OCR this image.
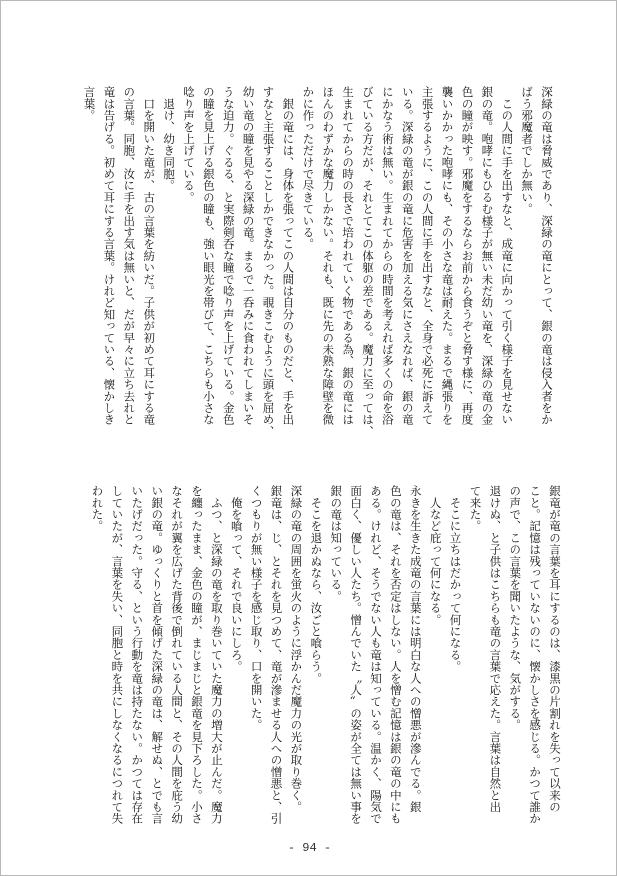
深緑の竜は脅威であり、深緑の竜にとって、銀の竜は侵入者をか
ばう邪魔者でしか無い。
　この人間に手を出すなと、成竜に向かって引く様子を見せない
銀の竜。咆哮にもひるむ様子が無い未だ幼い竜を、深緑の竜の金
色の瞳が映す。邪魔をするならお前から食うぞと脅す様に、再度
襲いかかった咆哮にも、その小さな竜は耐えた。まるで縄張りを
主張するように、この人間に手を出すなと、全身で必死に訴えて
いる。深緑の竜が銀の竜に危害を加える気にさえなれば、銀の竜
にかなう術は無い。生まれてからの時間を考えれば多くの命を浴
びている方だが、それとてこの体躯の差である。魔力に至っては、
生まれてからの時の長さで培われていく物である為、銀の竜には
ほんのわずかな魔力しかない。それも、既に先の未熟な障壁を微
かに作っただけで尽きている。
　銀の竜には、身体を張ってこの人間は自分のものだと、手を出
すなと主張することしかできなかった。覗きこむように頭を屈め、
幼い竜の瞳を見やる深緑の竜。まるで一呑みに食われてしまいそ
うな迫力。ぐるる、と実際剣呑な瞳で唸り声を上げている。金色
の瞳を見上げる銀色の瞳も、強い眼光を帯びて、こちらも小さな
唸り声を上げている。
　退け、幼き同胞。
　口を開いた竜が、古の言葉を紡いだ。子供が初めて耳にする竜
の言葉。同胞、汝に手を出す気は無いと、だが早々に立ち去れと
竜は告げる。初めて耳にする言葉。けれど知っている、懐かしき
言葉。
銀竜が竜の言葉を耳にするのは、漆黒の片割れを失って以来の
こと。記憶は残っていないのに、懐かしさを感じる。かつて誰か
の声で、この言葉を聞いたような、気がする。
退けぬ、と子供はこちらも竜の言葉で応えた。言葉は自然と出
て来た。
　そこに立ちはだかって何になる。
　人など庇って何になる。
永きを生きた成竜の言葉には明白な人への憎悪が滲んでる。銀
色の竜は、それを否定はしない。人を憎む記憶は銀の竜の中にも
ある。けれど、そうでない人も竜は知っている。温かく、陽気で
面白く、優しい人たち。憎んでいた〝人〟の姿が全ては無い事を
銀の竜は知っている。
　そこを退かぬなら、汝ごと喰らう。
深緑の竜の周囲を蛍火のように浮かんだ魔力の光が取り巻く。
銀竜は、じ、とそれを見つめて、竜が滲ませる人への憎悪と、引
くつもりが無い様子を感じ取り、口を開いた。
　俺を喰って、それで良いにしろ。
　ふつ、と深緑の竜を取り巻いていた魔力の増大が止んだ。魔力
を纏ったまま、金色の瞳が、まじまじと銀竜を見下ろした。小さ
なそれが翼を広げた背後で倒れている人間と、その人間を庇う幼
い銀の竜。ゆっくりと首を傾げた深緑の竜は、解せぬ、とでも言
いたげだった。守る、という行動を竜は持たない。かつては存在
していたが、言葉を失い、同胞と時を共にしなくなるにつれて失
われた。
- 94 -
